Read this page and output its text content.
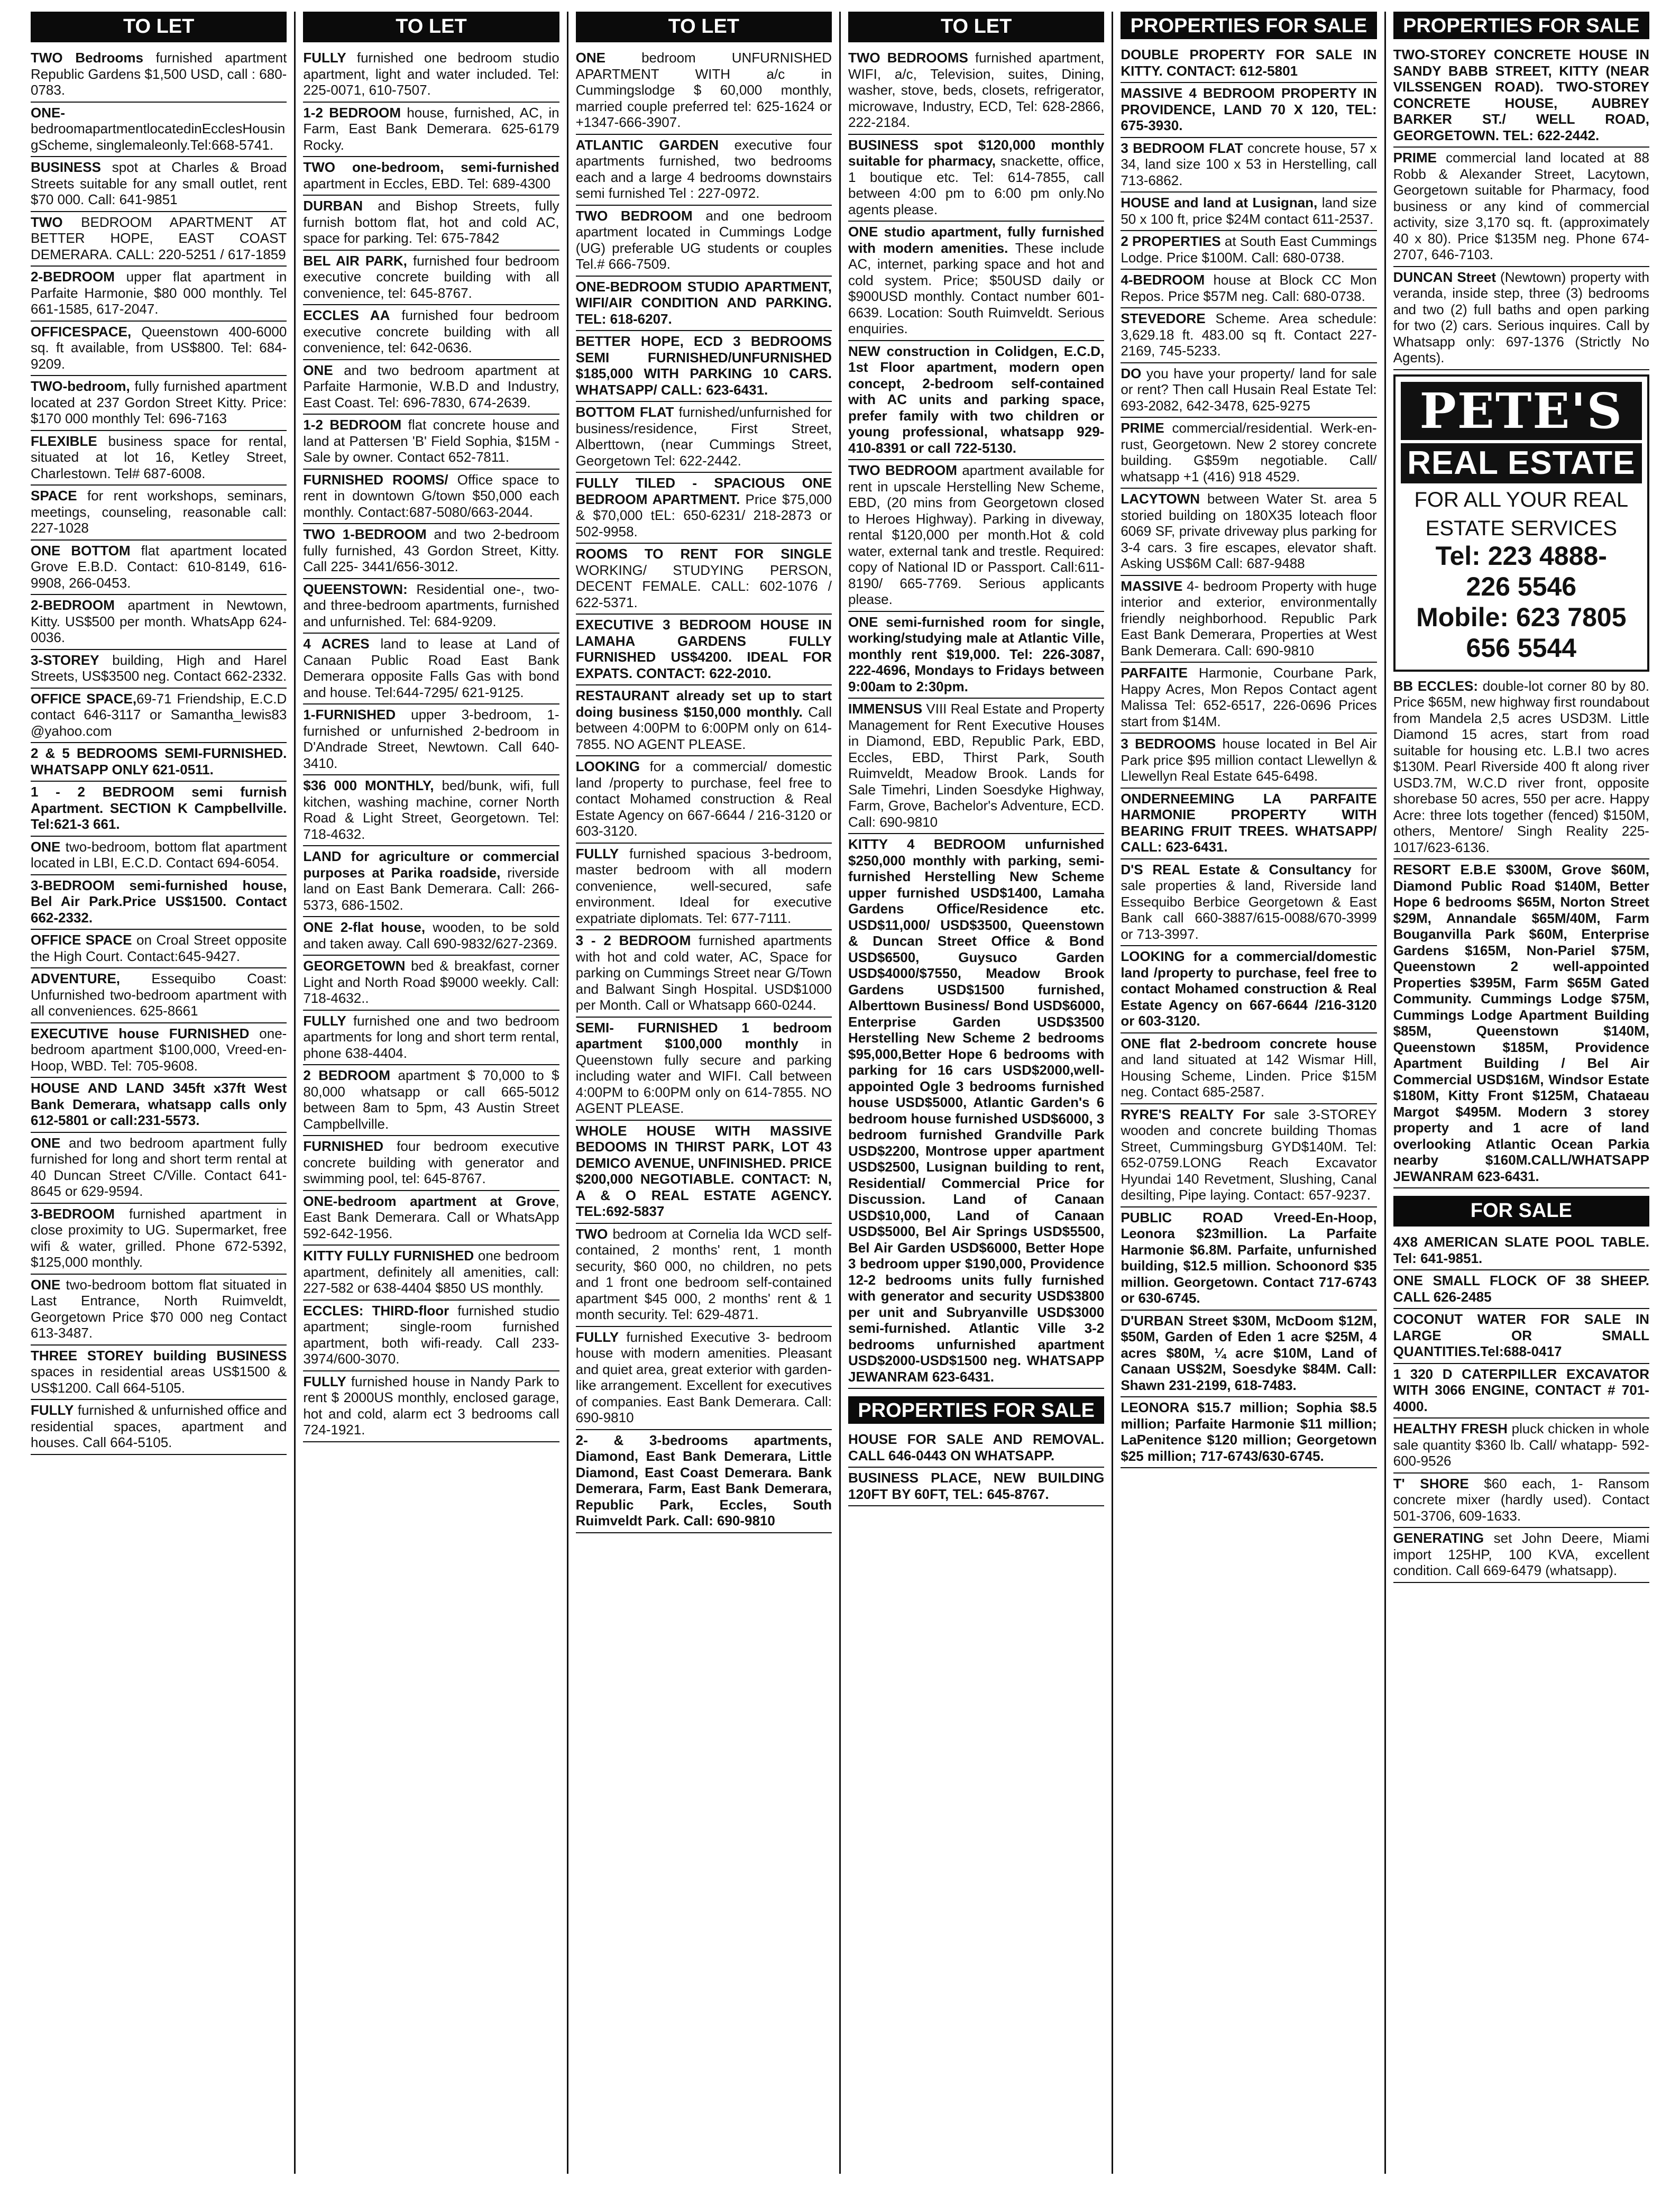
TO LET
TWO Bedrooms furnished apartment Republic Gardens $1,500 USD, call : 680-0783.
ONE-bedroomapartmentlocatedinEcclesHousingScheme, singlemaleonly.Tel:668-5741.
BUSINESS spot at Charles & Broad Streets suitable for any small outlet, rent $70 000. Call: 641-9851
TWO BEDROOM APARTMENT AT BETTER HOPE, EAST COAST DEMERARA. CALL: 220-5251 / 617-1859
2-BEDROOM upper flat apartment in Parfaite Harmonie, $80 000 monthly. Tel 661-1585, 617-2047.
OFFICESPACE, Queenstown 400-6000 sq. ft available, from US$800. Tel: 684-9209.
TWO-bedroom, fully furnished apartment located at 237 Gordon Street Kitty. Price: $170 000 monthly Tel: 696-7163
FLEXIBLE business space for rental, situated at lot 16, Ketley Street, Charlestown. Tel# 687-6008.
SPACE for rent workshops, seminars, meetings, counseling, reasonable call: 227-1028
ONE BOTTOM flat apartment located Grove E.B.D. Contact: 610-8149, 616-9908, 266-0453.
2-BEDROOM apartment in Newtown, Kitty. US$500 per month. WhatsApp 624-0036.
3-STOREY building, High and Harel Streets, US$3500 neg. Contact 662-2332.
OFFICE SPACE,69-71 Friendship, E.C.D contact 646-3117 or Samantha_lewis83 @yahoo.com
2 & 5 BEDROOMS SEMI-FURNISHED. WHATSAPP ONLY 621-0511.
1 - 2 BEDROOM semi furnish Apartment. SECTION K Campbellville. Tel:621-3 661.
ONE two-bedroom, bottom flat apartment located in LBI, E.C.D. Contact 694-6054.
3-BEDROOM semi-furnished house, Bel Air Park.Price US$1500. Contact 662-2332.
OFFICE SPACE on Croal Street opposite the High Court. Contact:645-9427.
ADVENTURE, Essequibo Coast: Unfurnished two-bedroom apartment with all conveniences. 625-8661
EXECUTIVE house FURNISHED one-bedroom apartment $100,000, Vreed-en-Hoop, WBD. Tel: 705-9608.
HOUSE AND LAND 345ft x37ft West Bank Demerara, whatsapp calls only 612-5801 or call:231-5573.
ONE and two bedroom apartment fully furnished for long and short term rental at 40 Duncan Street C/Ville. Contact 641-8645 or 629-9594.
3-BEDROOM furnished apartment in close proximity to UG. Supermarket, free wifi & water, grilled. Phone 672-5392, $125,000 monthly.
ONE two-bedroom bottom flat situated in Last Entrance, North Ruimveldt, Georgetown Price $70 000 neg Contact 613-3487.
THREE STOREY building BUSINESS spaces in residential areas US$1500 & US$1200. Call 664-5105.
FULLY furnished & unfurnished office and residential spaces, apartment and houses. Call 664-5105.
TO LET
FULLY furnished one bedroom studio apartment, light and water included. Tel: 225-0071, 610-7507.
1-2 BEDROOM house, furnished, AC, in Farm, East Bank Demerara. 625-6179 Rocky.
TWO one-bedroom, semi-furnished apartment in Eccles, EBD. Tel: 689-4300
DURBAN and Bishop Streets, fully furnish bottom flat, hot and cold AC, space for parking. Tel: 675-7842
BEL AIR PARK, furnished four bedroom executive concrete building with all convenience, tel: 645-8767.
ECCLES AA furnished four bedroom executive concrete building with all convenience, tel: 642-0636.
ONE and two bedroom apartment at Parfaite Harmonie, W.B.D and Industry, East Coast. Tel: 696-7830, 674-2639.
1-2 BEDROOM flat concrete house and land at Pattersen 'B' Field Sophia, $15M - Sale by owner. Contact 652-7811.
FURNISHED ROOMS/ Office space to rent in downtown G/town $50,000 each monthly. Contact:687-5080/663-2044.
TWO 1-BEDROOM and two 2-bedroom fully furnished, 43 Gordon Street, Kitty. Call 225- 3441/656-3012.
QUEENSTOWN: Residential one-, two- and three-bedroom apartments, furnished and unfurnished. Tel: 684-9209.
4 ACRES land to lease at Land of Canaan Public Road East Bank Demerara opposite Falls Gas with bond and house. Tel:644-7295/ 621-9125.
1-FURNISHED upper 3-bedroom, 1-furnished or unfurnished 2-bedroom in D'Andrade Street, Newtown. Call 640-3410.
$36 000 MONTHLY, bed/bunk, wifi, full kitchen, washing machine, corner North Road & Light Street, Georgetown. Tel: 718-4632.
LAND for agriculture or commercial purposes at Parika roadside, riverside land on East Bank Demerara. Call: 266-5373, 686-1502.
ONE 2-flat house, wooden, to be sold and taken away. Call 690-9832/627-2369.
GEORGETOWN bed & breakfast, corner Light and North Road $9000 weekly. Call: 718-4632..
FULLY furnished one and two bedroom apartments for long and short term rental, phone 638-4404.
2 BEDROOM apartment $ 70,000 to $ 80,000 whatsapp or call 665-5012 between 8am to 5pm, 43 Austin Street Campbellville.
FURNISHED four bedroom executive concrete building with generator and swimming pool, tel: 645-8767.
ONE-bedroom apartment at Grove, East Bank Demerara. Call or WhatsApp 592-642-1956.
KITTY FULLY FURNISHED one bedroom apartment, definitely all amenities, call: 227-582 or 638-4404 $850 US monthly.
ECCLES: THIRD-floor furnished studio apartment; single-room furnished apartment, both wifi-ready. Call 233-3974/600-3070.
FULLY furnished house in Nandy Park to rent $ 2000US monthly, enclosed garage, hot and cold, alarm ect 3 bedrooms call 724-1921.
TO LET
ONE bedroom UNFURNISHED APARTMENT WITH a/c in Cummingslodge $ 60,000 monthly, married couple preferred tel: 625-1624 or +1347-666-3907.
ATLANTIC GARDEN executive four apartments furnished, two bedrooms each and a large 4 bedrooms downstairs semi furnished Tel : 227-0972.
TWO BEDROOM and one bedroom apartment located in Cummings Lodge (UG) preferable UG students or couples Tel.# 666-7509.
ONE-BEDROOM STUDIO APARTMENT, WIFI/AIR CONDITION AND PARKING. TEL: 618-6207.
BETTER HOPE, ECD 3 BEDROOMS SEMI FURNISHED/UNFURNISHED $185,000 WITH PARKING 10 CARS. WHATSAPP/ CALL: 623-6431.
BOTTOM FLAT furnished/unfurnished for business/residence, First Street, Alberttown, (near Cummings Street, Georgetown Tel: 622-2442.
FULLY TILED - SPACIOUS ONE BEDROOM APARTMENT. Price $75,000 & $70,000 tEL: 650-6231/ 218-2873 or 502-9958.
ROOMS TO RENT FOR SINGLE WORKING/ STUDYING PERSON, DECENT FEMALE. CALL: 602-1076 / 622-5371.
EXECUTIVE 3 BEDROOM HOUSE IN LAMAHA GARDENS FULLY FURNISHED US$4200. IDEAL FOR EXPATS. CONTACT: 622-2010.
RESTAURANT already set up to start doing business $150,000 monthly. Call between 4:00PM to 6:00PM only on 614-7855. NO AGENT PLEASE.
LOOKING for a commercial/ domestic land /property to purchase, feel free to contact Mohamed construction & Real Estate Agency on 667-6644 / 216-3120 or 603-3120.
FULLY furnished spacious 3-bedroom, master bedroom with all modern convenience, well-secured, safe environment. Ideal for executive expatriate diplomats. Tel: 677-7111.
3 - 2 BEDROOM furnished apartments with hot and cold water, AC, Space for parking on Cummings Street near G/Town and Balwant Singh Hospital. USD$1000 per Month. Call or Whatsapp 660-0244.
SEMI- FURNISHED 1 bedroom apartment $100,000 monthly in Queenstown fully secure and parking including water and WIFI. Call between 4:00PM to 6:00PM only on 614-7855. NO AGENT PLEASE.
WHOLE HOUSE WITH MASSIVE BEDOOMS IN THIRST PARK, LOT 43 DEMICO AVENUE, UNFINISHED. PRICE $200,000 NEGOTIABLE. CONTACT: N, A & O REAL ESTATE AGENCY. TEL:692-5837
TWO bedroom at Cornelia Ida WCD self-contained, 2 months' rent, 1 month security, $60 000, no children, no pets and 1 front one bedroom self-contained apartment $45 000, 2 months' rent & 1 month security. Tel: 629-4871.
FULLY furnished Executive 3- bedroom house with modern amenities. Pleasant and quiet area, great exterior with garden-like arrangement. Excellent for executives of companies. East Bank Demerara. Call: 690-9810
2- & 3-bedrooms apartments, Diamond, East Bank Demerara, Little Diamond, East Coast Demerara. Bank Demerara, Farm, East Bank Demerara, Republic Park, Eccles, South Ruimveldt Park. Call: 690-9810
TO LET
TWO BEDROOMS furnished apartment, WIFI, a/c, Television, suites, Dining, washer, stove, beds, closets, refrigerator, microwave, Industry, ECD, Tel: 628-2866, 222-2184.
BUSINESS spot $120,000 monthly suitable for pharmacy, snackette, office, 1 boutique etc. Tel: 614-7855, call between 4:00 pm to 6:00 pm only.No agents please.
ONE studio apartment, fully furnished with modern amenities. These include AC, internet, parking space and hot and cold system. Price; $50USD daily or $900USD monthly. Contact number 601-6639. Location: South Ruimveldt. Serious enquiries.
NEW construction in Colidgen, E.C.D, 1st Floor apartment, modern open concept, 2-bedroom self-contained with AC units and parking space, prefer family with two children or young professional, whatsapp 929-410-8391 or call 722-5130.
TWO BEDROOM apartment available for rent in upscale Herstelling New Scheme, EBD, (20 mins from Georgetown closed to Heroes Highway). Parking in diveway, rental $120,000 per month.Hot & cold water, external tank and trestle. Required: copy of National ID or Passport. Call:611-8190/ 665-7769. Serious applicants please.
ONE semi-furnished room for single, working/studying male at Atlantic Ville, monthly rent $19,000. Tel: 226-3087, 222-4696, Mondays to Fridays between 9:00am to 2:30pm.
IMMENSUS VIII Real Estate and Property Management for Rent Executive Houses in Diamond, EBD, Republic Park, EBD, Eccles, EBD, Thirst Park, South Ruimveldt, Meadow Brook. Lands for Sale Timehri, Linden Soesdyke Highway, Farm, Grove, Bachelor's Adventure, ECD. Call: 690-9810
KITTY 4 BEDROOM unfurnished $250,000 monthly with parking, semi-furnished Herstelling New Scheme upper furnished USD$1400, Lamaha Gardens Office/Residence etc. USD$11,000/ USD$3500, Queenstown & Duncan Street Office & Bond USD$6500, Guysuco Garden USD$4000/$7550, Meadow Brook Gardens USD$1500 furnished, Alberttown Business/ Bond USD$6000, Enterprise Garden USD$3500 Herstelling New Scheme 2 bedrooms $95,000,Better Hope 6 bedrooms with parking for 16 cars USD$2000,well-appointed Ogle 3 bedrooms furnished house USD$5000, Atlantic Garden's 6 bedroom house furnished USD$6000, 3 bedroom furnished Grandville Park USD$2200, Montrose upper apartment USD$2500, Lusignan building to rent, Residential/ Commercial Price for Discussion. Land of Canaan USD$10,000, Land of Canaan USD$5000, Bel Air Springs USD$5500, Bel Air Garden USD$6000, Better Hope 3 bedroom upper $190,000, Providence 12-2 bedrooms units fully furnished with generator and security USD$3800 per unit and Subryanville USD$3000 semi-furnished. Atlantic Ville 3-2 bedrooms unfurnished apartment USD$2000-USD$1500 neg. WHATSAPP JEWANRAM 623-6431.
PROPERTIES FOR SALE
HOUSE FOR SALE AND REMOVAL. CALL 646-0443 ON WHATSAPP.
BUSINESS PLACE, NEW BUILDING 120FT BY 60FT, TEL: 645-8767.
PROPERTIES FOR SALE
DOUBLE PROPERTY FOR SALE IN KITTY. CONTACT: 612-5801
MASSIVE 4 BEDROOM PROPERTY IN PROVIDENCE, LAND 70 X 120, TEL: 675-3930.
3 BEDROOM FLAT concrete house, 57 x 34, land size 100 x 53 in Herstelling, call 713-6862.
HOUSE and land at Lusignan, land size 50 x 100 ft, price $24M contact 611-2537.
2 PROPERTIES at South East Cummings Lodge. Price $100M. Call: 680-0738.
4-BEDROOM house at Block CC Mon Repos. Price $57M neg. Call: 680-0738.
STEVEDORE Scheme. Area schedule: 3,629.18 ft. 483.00 sq ft. Contact 227-2169, 745-5233.
DO you have your property/ land for sale or rent? Then call Husain Real Estate Tel: 693-2082, 642-3478, 625-9275
PRIME commercial/residential. Werk-en-rust, Georgetown. New 2 storey concrete building. G$59m negotiable. Call/ whatsapp +1 (416) 918 4529.
LACYTOWN between Water St. area 5 storied building on 180X35 loteach floor 6069 SF, private driveway plus parking for 3-4 cars. 3 fire escapes, elevator shaft. Asking US$6M Call: 687-9488
MASSIVE 4- bedroom Property with huge interior and exterior, environmentally friendly neighborhood. Republic Park East Bank Demerara, Properties at West Bank Demerara. Call: 690-9810
PARFAITE Harmonie, Courbane Park, Happy Acres, Mon Repos Contact agent Malissa Tel: 652-6517, 226-0696 Prices start from $14M.
3 BEDROOMS house located in Bel Air Park price $95 million contact Llewellyn & Llewellyn Real Estate 645-6498.
ONDERNEEMING LA PARFAITE HARMONIE PROPERTY WITH BEARING FRUIT TREES. WHATSAPP/ CALL: 623-6431.
D'S REAL Estate & Consultancy for sale properties & land, Riverside land Essequibo Berbice Georgetown & East Bank call 660-3887/615-0088/670-3999 or 713-3997.
LOOKING for a commercial/domestic land /property to purchase, feel free to contact Mohamed construction & Real Estate Agency on 667-6644 /216-3120 or 603-3120.
ONE flat 2-bedroom concrete house and land situated at 142 Wismar Hill, Housing Scheme, Linden. Price $15M neg. Contact 685-2587.
RYRE'S REALTY For sale 3-STOREY wooden and concrete building Thomas Street, Cummingsburg GYD$140M. Tel: 652-0759.LONG Reach Excavator Hyundai 140 Revetment, Slushing, Canal desilting, Pipe laying. Contact: 657-9237.
PUBLIC ROAD Vreed-En-Hoop, Leonora $23million. La Parfaite Harmonie $6.8M. Parfaite, unfurnished building, $12.5 million. Schoonord $35 million. Georgetown. Contact 717-6743 or 630-6745.
D'URBAN Street $30M, McDoom $12M, $50M, Garden of Eden 1 acre $25M, 4 acres $80M, ¼ acre $10M, Land of Canaan US$2M, Soesdyke $84M. Call: Shawn 231-2199, 618-7483.
LEONORA $15.7 million; Sophia $8.5 million; Parfaite Harmonie $11 million; LaPenitence $120 million; Georgetown $25 million; 717-6743/630-6745.
PROPERTIES FOR SALE
TWO-STOREY CONCRETE HOUSE IN SANDY BABB STREET, KITTY (NEAR VILSSENGEN ROAD). TWO-STOREY CONCRETE HOUSE, AUBREY BARKER ST./ WELL ROAD, GEORGETOWN. TEL: 622-2442.
PRIME commercial land located at 88 Robb & Alexander Street, Lacytown, Georgetown suitable for Pharmacy, food business or any kind of commercial activity, size 3,170 sq. ft. (approximately 40 x 80). Price $135M neg. Phone 674-2707, 646-7103.
DUNCAN Street (Newtown) property with veranda, inside step, three (3) bedrooms and two (2) full baths and open parking for two (2) cars. Serious inquires. Call by Whatsapp only: 697-1376 (Strictly No Agents).
PETE'S
REAL ESTATE
FOR ALL YOUR REAL
ESTATE SERVICES
Tel: 223 4888-
226 5546
Mobile: 623 7805
656 5544
BB ECCLES: double-lot corner 80 by 80. Price $65M, new highway first roundabout from Mandela 2,5 acres USD3M. Little Diamond 15 acres, start from road suitable for housing etc. L.B.I two acres $130M. Pearl Riverside 400 ft along river USD3.7M, W.C.D river front, opposite shorebase 50 acres, 550 per acre. Happy Acre: three lots together (fenced) $150M, others, Mentore/ Singh Reality 225-1017/623-6136.
RESORT E.B.E $300M, Grove $60M, Diamond Public Road $140M, Better Hope 6 bedrooms $65M, Norton Street $29M, Annandale $65M/40M, Farm Bouganvilla Park $60M, Enterprise Gardens $165M, Non-Pariel $75M, Queenstown 2 well-appointed Properties $395M, Farm $65M Gated Community. Cummings Lodge $75M, Cummings Lodge Apartment Building $85M, Queenstown $140M, Queenstown $185M, Providence Apartment Building / Bel Air Commercial USD$16M, Windsor Estate $180M, Kitty Front $125M, Chataeau Margot $495M. Modern 3 storey property and 1 acre of land overlooking Atlantic Ocean Parkia nearby $160M.CALL/WHATSAPP JEWANRAM 623-6431.
FOR SALE
4X8 AMERICAN SLATE POOL TABLE. Tel: 641-9851.
ONE SMALL FLOCK OF 38 SHEEP. CALL 626-2485
COCONUT WATER FOR SALE IN LARGE OR SMALL QUANTITIES.Tel:688-0417
1 320 D CATERPILLER EXCAVATOR WITH 3066 ENGINE, CONTACT # 701-4000.
HEALTHY FRESH pluck chicken in whole sale quantity $360 lb. Call/ whatapp- 592-600-9526
T' SHORE $60 each, 1- Ransom concrete mixer (hardly used). Contact 501-3706, 609-1633.
GENERATING set John Deere, Miami import 125HP, 100 KVA, excellent condition. Call 669-6479 (whatsapp).
